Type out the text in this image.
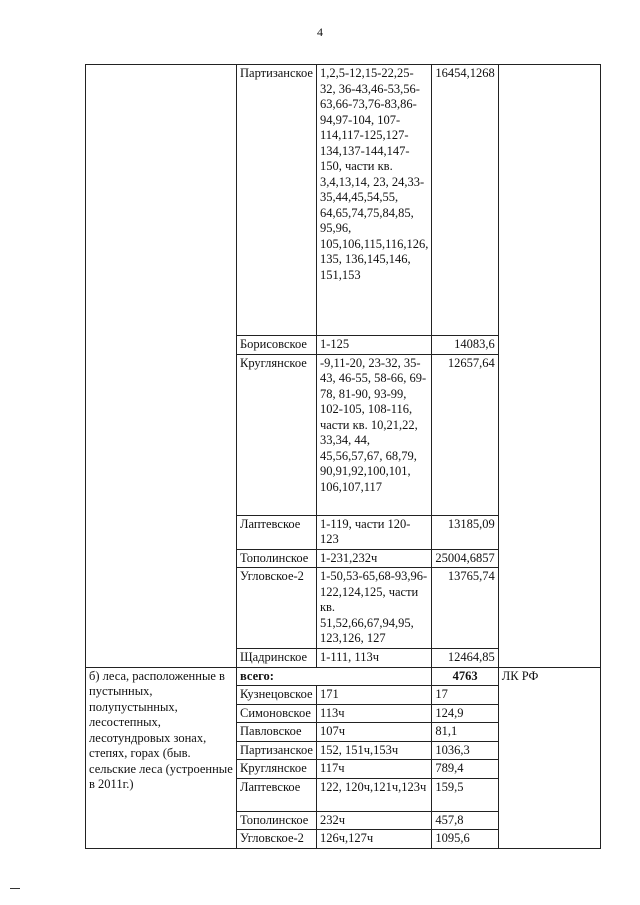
4
	Партизанское	1,2,5-12,15-22,25-32, 36-43,46-53,56-63,66-73,76-83,86-94,97-104, 107-114,117-125,127-134,137-144,147-150, части кв. 3,4,13,14, 23, 24,33-35,44,45,54,55, 64,65,74,75,84,85, 95,96, 105,106,115,116,126, 135, 136,145,146, 151,153	16454,1268	
	Борисовское	1-125	14083,6	
	Круглянское	-9,11-20, 23-32, 35-43, 46-55, 58-66, 69-78, 81-90, 93-99, 102-105, 108-116, части кв. 10,21,22, 33,34, 44, 45,56,57,67, 68,79, 90,91,92,100,101, 106,107,117	12657,64	
	Лаптевское	1-119, части 120-123	13185,09	
	Тополинское	1-231,232ч	25004,6857	
	Угловское-2	1-50,53-65,68-93,96-122,124,125, части кв. 51,52,66,67,94,95, 123,126, 127	13765,74	
	Щадринское	1-111, 113ч	12464,85	
б) леса, расположенные в пустынных, полупустынных, лесостепных, лесотундровых зонах, степях, горах (быв. сельские леса (устроенные в 2011г.)	всего:		4763	ЛК РФ
	Кузнецовское	171	17	
	Симоновское	113ч	124,9	
	Павловское	107ч	81,1	
	Партизанское	152, 151ч,153ч	1036,3	
	Круглянское	117ч	789,4	
	Лаптевское	122, 120ч,121ч,123ч	159,5	
	Тополинское	232ч	457,8	
	Угловское-2	126ч,127ч	1095,6	
